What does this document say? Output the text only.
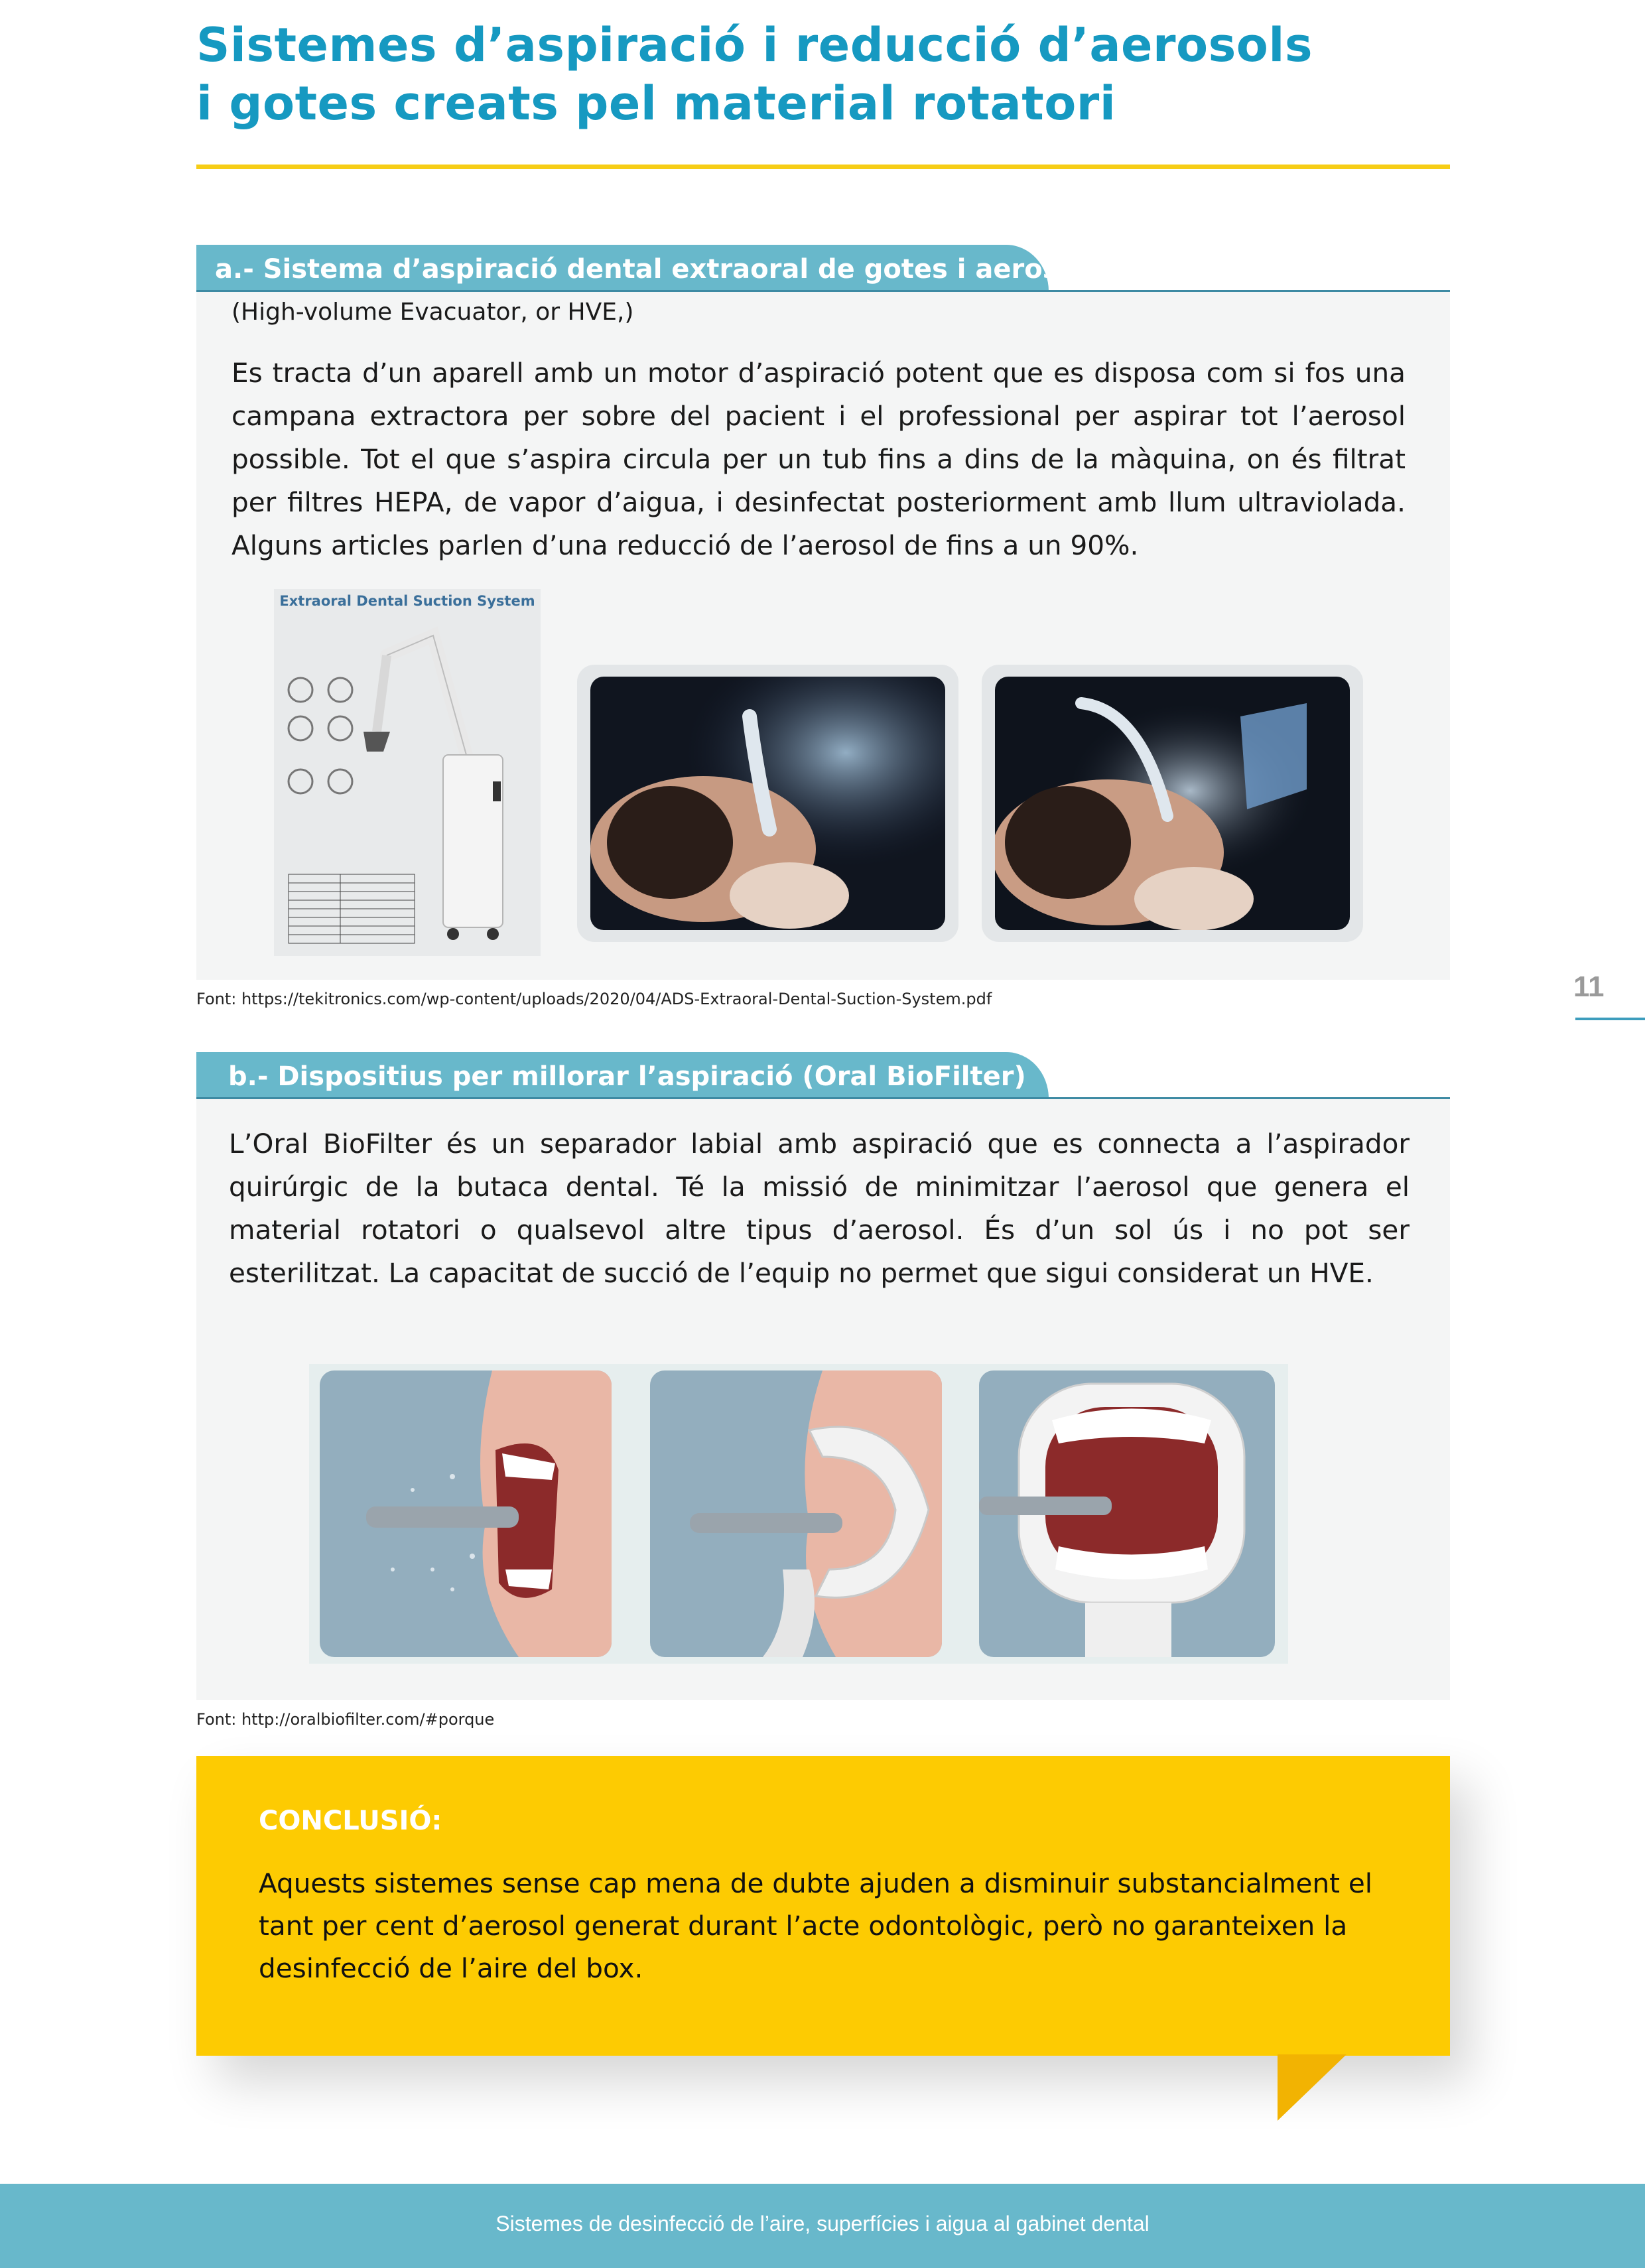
Sistemes d’aspiració i reducció d’aerosols
i gotes creats pel material rotatori
a.- Sistema d’aspiració dental extraoral de gotes i aerosols
(High-volume Evacuator, or HVE,)

Es tracta d’un aparell amb un motor d’aspiració potent que es disposa com si fos una campana extractora per sobre del pacient i el professional per aspirar tot l’aerosol possible. Tot el que s’aspira circula per un tub fins a dins de la màquina, on és filtrat per filtres HEPA, de vapor d’aigua, i desinfectat posteriorment amb llum ultraviolada. Alguns articles parlen d’una reducció de l’aerosol de fins a un 90%.

Extraoral Dental Suction System
Font: https://tekitronics.com/wp-content/uploads/2020/04/ADS-Extraoral-Dental-Suction-System.pdf	11
b.- Dispositius per millorar l’aspiració (Oral BioFilter)

L’Oral BioFilter és un separador labial amb aspiració que es connecta a l’aspirador quirúrgic de la butaca dental. Té la missió de minimitzar l’aerosol que genera el material rotatori o qualsevol altre tipus d’aerosol. És d’un sol ús i no pot ser esterilitzat. La capacitat de succió de l’equip no permet que sigui considerat un HVE.

Font: http://oralbiofilter.com/#porque
CONCLUSIÓ:

Aquests sistemes sense cap mena de dubte ajuden a disminuir substancialment el tant per cent d’aerosol generat durant l’acte odontològic, però no garanteixen la desinfecció de l’aire del box.

Sistemes de desinfecció de l’aire, superfícies i aigua al gabinet dental
